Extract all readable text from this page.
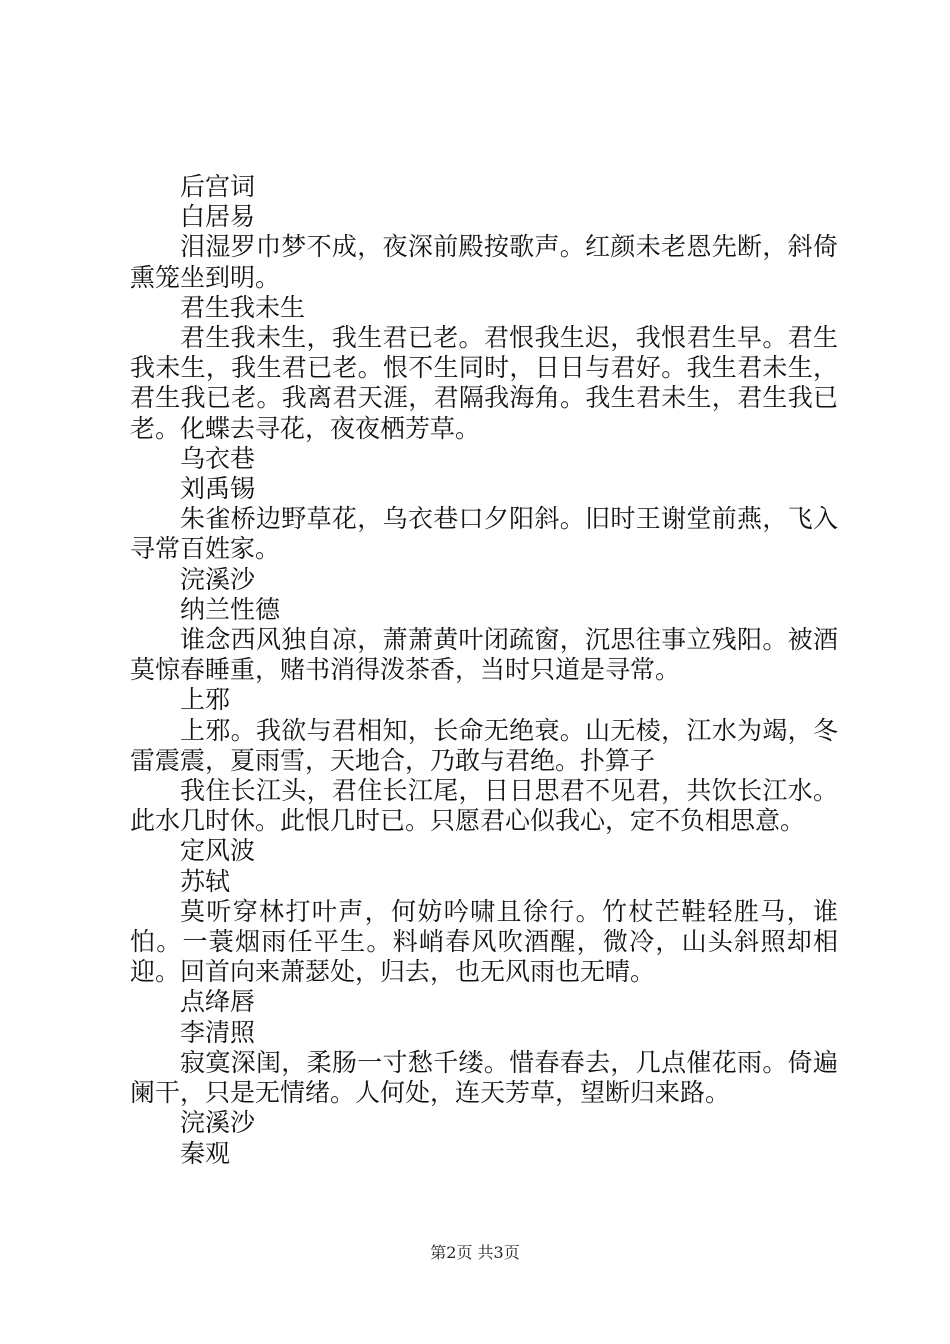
后宫词

白居易

泪湿罗巾梦不成，夜深前殿按歌声。红颜未老恩先断，斜倚熏笼坐到明。

君生我未生

君生我未生，我生君已老。君恨我生迟，我恨君生早。君生我未生，我生君已老。恨不生同时，日日与君好。我生君未生，君生我已老。我离君天涯，君隔我海角。我生君未生，君生我已老。化蝶去寻花，夜夜栖芳草。

乌衣巷

刘禹锡

朱雀桥边野草花，乌衣巷口夕阳斜。旧时王谢堂前燕，飞入寻常百姓家。

浣溪沙

纳兰性德

谁念西风独自凉，萧萧黄叶闭疏窗，沉思往事立残阳。被酒莫惊春睡重，赌书消得泼茶香，当时只道是寻常。

上邪

上邪。我欲与君相知，长命无绝衰。山无棱，江水为竭，冬雷震震，夏雨雪，天地合，乃敢与君绝。扑算子

我住长江头，君住长江尾，日日思君不见君，共饮长江水。此水几时休。此恨几时已。只愿君心似我心，定不负相思意。

定风波

苏轼

莫听穿林打叶声，何妨吟啸且徐行。竹杖芒鞋轻胜马，谁怕。一蓑烟雨任平生。料峭春风吹酒醒，微冷，山头斜照却相迎。回首向来萧瑟处，归去，也无风雨也无晴。

点绛唇

李清照

寂寞深闺，柔肠一寸愁千缕。惜春春去，几点催花雨。倚遍阑干，只是无情绪。人何处，连天芳草，望断归来路。

浣溪沙

秦观

第2页 共3页
